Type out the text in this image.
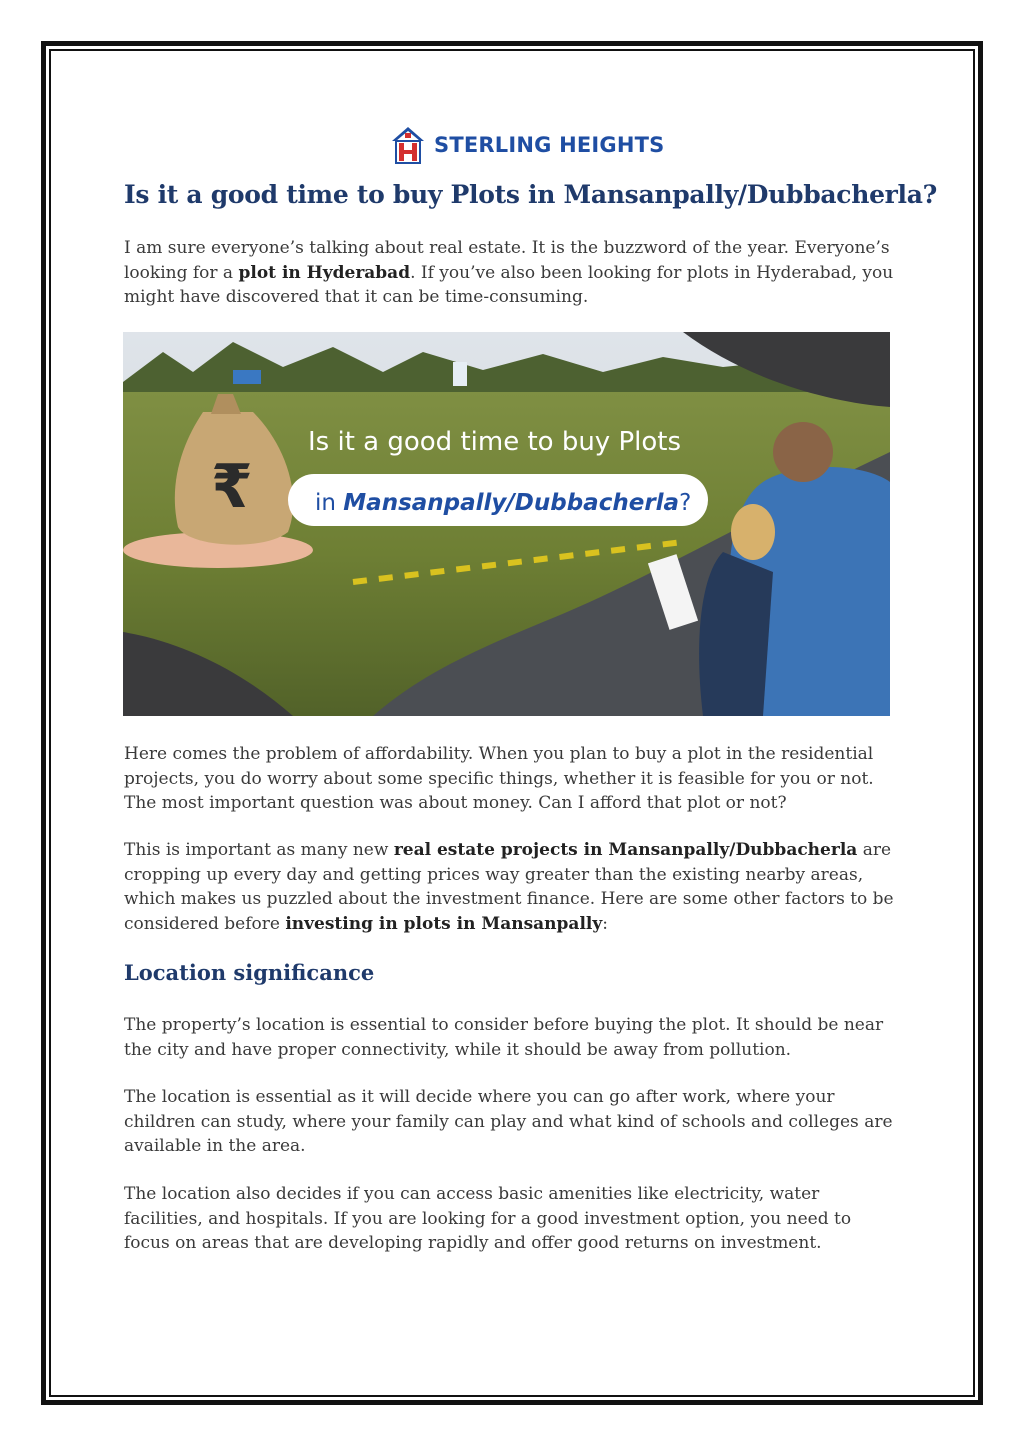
STERLING HEIGHTS
Is it a good time to buy Plots in Mansanpally/Dubbacherla?

I am sure everyone’s talking about real estate. It is the buzzword of the year. Everyone’s looking for a plot in Hyderabad. If you’ve also been looking for plots in Hyderabad, you might have discovered that it can be time-consuming.

₹
Is it a good time to buy Plots
in Mansanpally/Dubbacherla?

Here comes the problem of affordability. When you plan to buy a plot in the residential projects, you do worry about some specific things, whether it is feasible for you or not. The most important question was about money. Can I afford that plot or not?

This is important as many new real estate projects in Mansanpally/Dubbacherla are cropping up every day and getting prices way greater than the existing nearby areas, which makes us puzzled about the investment finance. Here are some other factors to be considered before investing in plots in Mansanpally:

Location significance

The property’s location is essential to consider before buying the plot. It should be near the city and have proper connectivity, while it should be away from pollution.

The location is essential as it will decide where you can go after work, where your children can study, where your family can play and what kind of schools and colleges are available in the area.

The location also decides if you can access basic amenities like electricity, water facilities, and hospitals. If you are looking for a good investment option, you need to focus on areas that are developing rapidly and offer good returns on investment.
